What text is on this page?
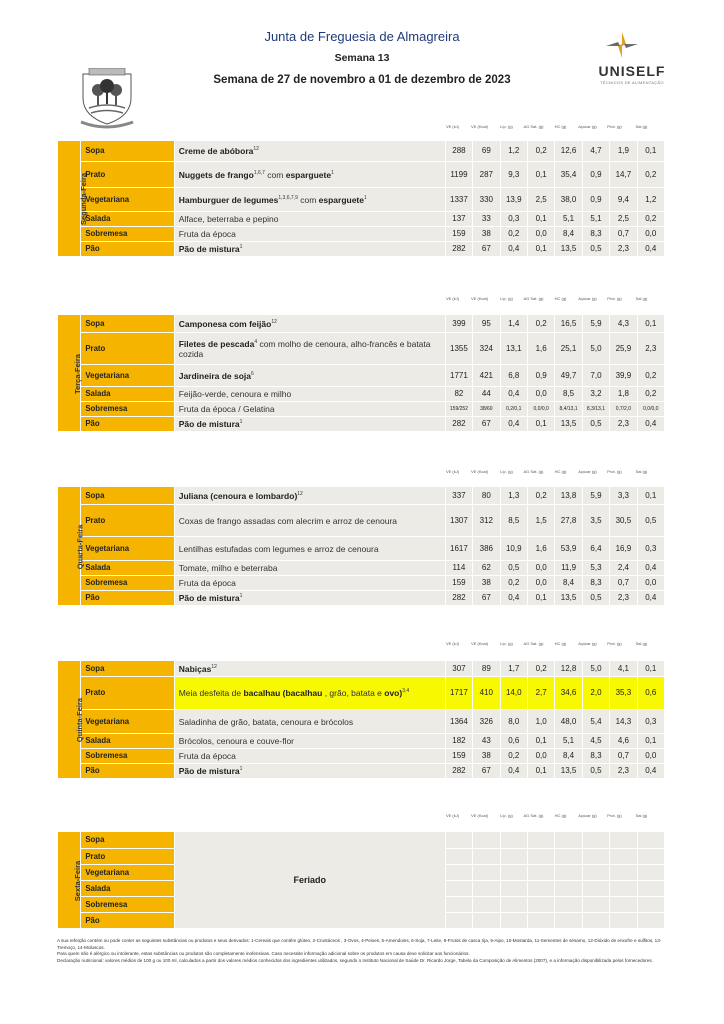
Junta de Freguesia de Almagreira
Semana 13
Semana de 27 de novembro a 01 de dezembro de 2023
UNISELF
TÉCNICOS DE ALIMENTAÇÃO
VE (kJ)	VE (Kcal)	Líp. (g)	AG Sat. (g)	HC (g)	Açúcar (g)	Prot. (g)	Sal (g)
Segunda-Feira	Sopa	Creme de abóbora$^{12}$	288	69	1,2	0,2	12,6	4,7	1,9	0,1
	Prato	Nuggets de frango$^{1,6,7}$ com esparguete$^1$	1199	287	9,3	0,1	35,4	0,9	14,7	0,2
	Vegetariana	Hamburguer de legumes$^{1,3,6,7,9}$ com esparguete$^1$	1337	330	13,9	2,5	38,0	0,9	9,4	1,2
	Salada	Alface, beterraba e pepino	137	33	0,3	0,1	5,1	5,1	2,5	0,2
	Sobremesa	Fruta da época	159	38	0,2	0,0	8,4	8,3	0,7	0,0
	Pão	Pão de mistura$^1$	282	67	0,4	0,1	13,5	0,5	2,3	0,4
VE (kJ)	VE (Kcal)	Líp. (g)	AG Sat. (g)	HC (g)	Açúcar (g)	Prot. (g)	Sal (g)
Terça-Feira	Sopa	Camponesa com feijão$^{12}$	399	95	1,4	0,2	16,5	5,9	4,3	0,1
	Prato	Filetes de pescada$^4$ com molho de cenoura, alho-francês e batata cozida	1355	324	13,1	1,6	25,1	5,0	25,9	2,3
	Vegetariana	Jardineira de soja$^6$	1771	421	6,8	0,9	49,7	7,0	39,9	0,2
	Salada	Feijão-verde, cenoura e milho	82	44	0,4	0,0	8,5	3,2	1,8	0,2
	Sobremesa	Fruta da época / Gelatina	159/252	38/60	0,2/0,1	0,0/0,0	8,4/13,1	8,3/13,1	0,7/2,0	0,0/0,0
	Pão	Pão de mistura$^1$	282	67	0,4	0,1	13,5	0,5	2,3	0,4
VE (kJ)	VE (Kcal)	Líp. (g)	AG Sat. (g)	HC (g)	Açúcar (g)	Prot. (g)	Sal (g)
Quarta-Feira	Sopa	Juliana (cenoura e lombardo)$^{12}$	337	80	1,3	0,2	13,8	5,9	3,3	0,1
	Prato	Coxas de frango assadas com alecrim e arroz de cenoura	1307	312	8,5	1,5	27,8	3,5	30,5	0,5
	Vegetariana	Lentilhas estufadas com legumes e arroz de cenoura	1617	386	10,9	1,6	53,9	6,4	16,9	0,3
	Salada	Tomate, milho e beterraba	114	62	0,5	0,0	11,9	5,3	2,4	0,4
	Sobremesa	Fruta da época	159	38	0,2	0,0	8,4	8,3	0,7	0,0
	Pão	Pão de mistura$^1$	282	67	0,4	0,1	13,5	0,5	2,3	0,4
VE (kJ)	VE (Kcal)	Líp. (g)	AG Sat. (g)	HC (g)	Açúcar (g)	Prot. (g)	Sal (g)
Quinta-Feira	Sopa	Nabiças$^{12}$	307	89	1,7	0,2	12,8	5,0	4,1	0,1
	Prato	Meia desfeita de bacalhau (bacalhau , grão, batata e ovo)$^{3,4}$	1717	410	14,0	2,7	34,6	2,0	35,3	0,6
	Vegetariana	Saladinha de grão, batata, cenoura e brócolos	1364	326	8,0	1,0	48,0	5,4	14,3	0,3
	Salada	Brócolos, cenoura e couve-flor	182	43	0,6	0,1	5,1	4,5	4,6	0,1
	Sobremesa	Fruta da época	159	38	0,2	0,0	8,4	8,3	0,7	0,0
	Pão	Pão de mistura$^1$	282	67	0,4	0,1	13,5	0,5	2,3	0,4
VE (kJ)	VE (Kcal)	Líp. (g)	AG Sat. (g)	HC (g)	Açúcar (g)	Prot. (g)	Sal (g)
Sexta-Feira	Sopa	Feriado								
	Prato									
	Vegetariana									
	Salada									
	Sobremesa									
	Pão									
A sua refeição contém ou pode conter as seguintes substâncias ou produtos e seus derivados: 1-Cereais que contêm glúten, 2-Crustáceos , 3-Ovos, 4-Peixes, 5-Amendoins, 6-Soja, 7-Leite, 8-Frutos de casca rija, 9-Aipo, 10-Mostarda, 11-Sementes de sésamo, 12-Dióxido de enxofre e sulfitos, 13-Tremoço, 14-Moluscos.
Para quem não é alérgico ou intolerante, estas substâncias ou produtos são completamente inofensivas. Caso necessite informação adicional sobre os produtos em causa deve solicitar aos funcionários.
Declaração nutricional: valores médios de 100 g ou 100 ml, calculados a partir dos valores médios conhecidos dos ingredientes utilizados, segundo o Instituto Nacional de Saúde Dr. Ricardo Jorge, Tabela da Composição de Alimentos (2007), e a informação disponibilizada pelos fornecedores.
